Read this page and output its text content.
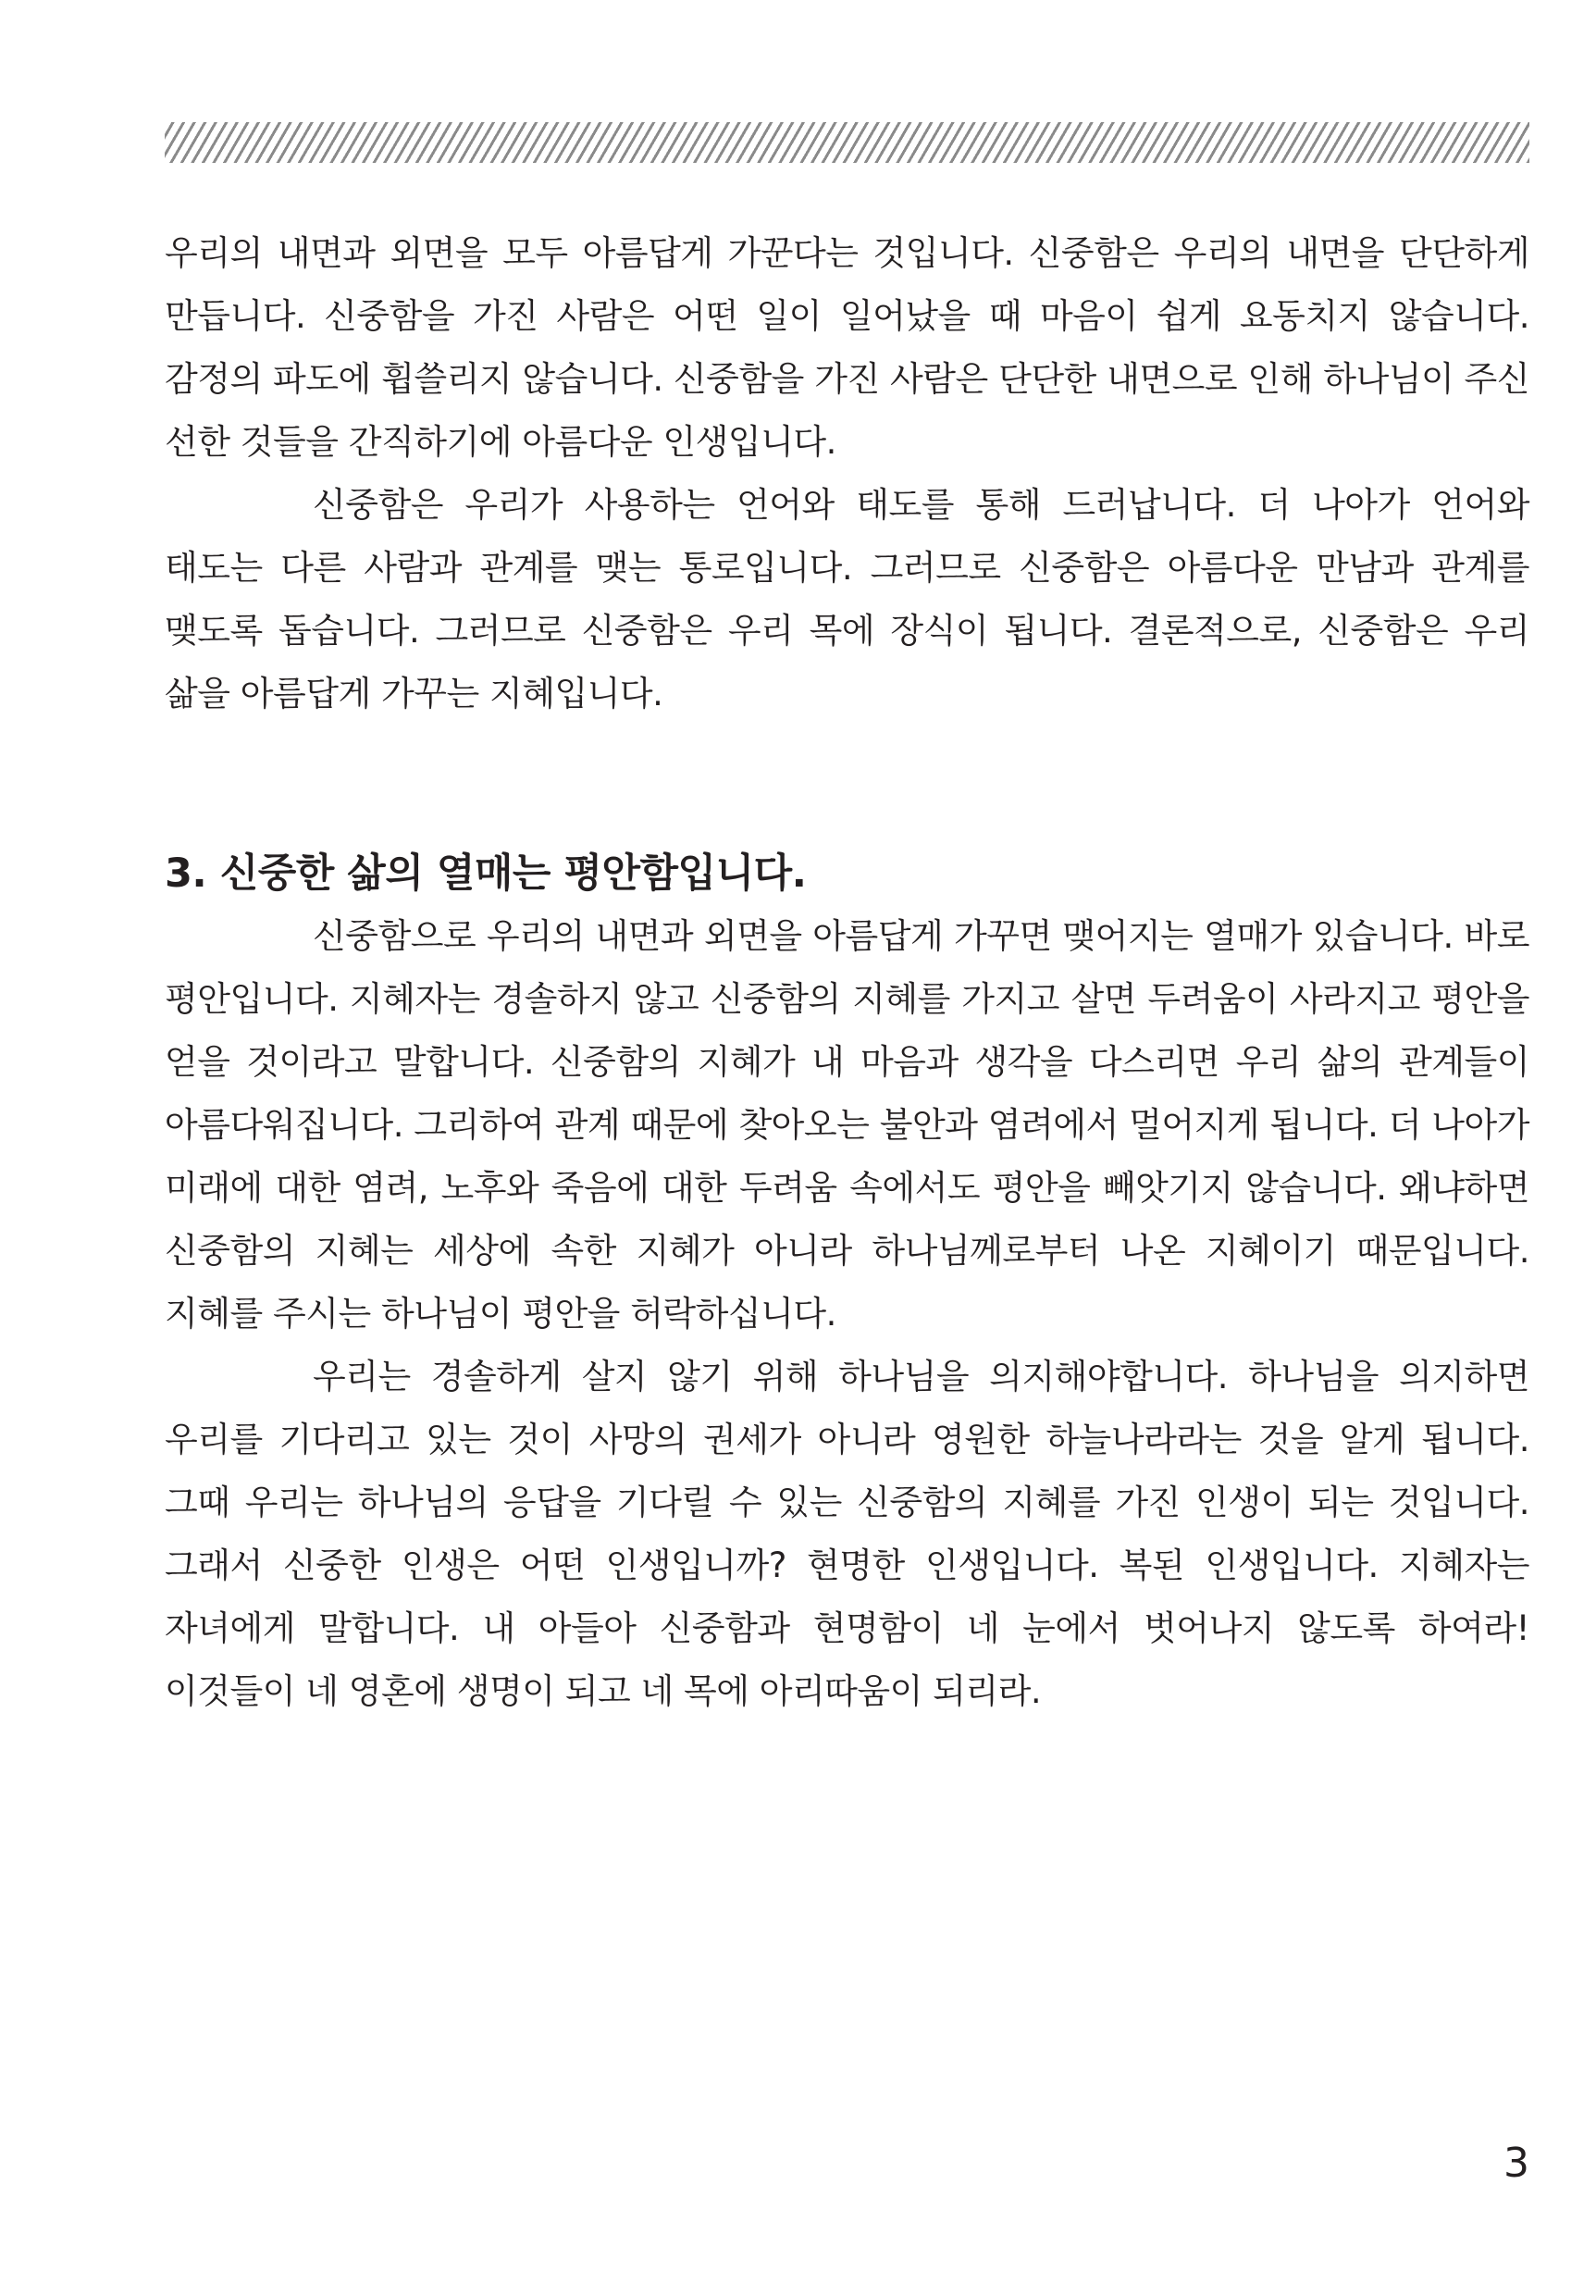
우리의 내면과 외면을 모두 아름답게 가꾼다는 것입니다. 신중함은 우리의 내면을 단단하게 만듭니다. 신중함을 가진 사람은 어떤 일이 일어났을 때 마음이 쉽게 요동치지 않습니다. 감정의 파도에 휩쓸리지 않습니다. 신중함을 가진 사람은 단단한 내면으로 인해 하나님이 주신 선한 것들을 간직하기에 아름다운 인생입니다.

신중함은 우리가 사용하는 언어와 태도를 통해 드러납니다. 더 나아가 언어와 태도는 다른 사람과 관계를 맺는 통로입니다. 그러므로 신중함은 아름다운 만남과 관계를 맺도록 돕습니다. 그러므로 신중함은 우리 목에 장식이 됩니다. 결론적으로, 신중함은 우리 삶을 아름답게 가꾸는 지혜입니다.

3. 신중한 삶의 열매는 평안함입니다.

신중함으로 우리의 내면과 외면을 아름답게 가꾸면 맺어지는 열매가 있습니다. 바로 평안입니다. 지혜자는 경솔하지 않고 신중함의 지혜를 가지고 살면 두려움이 사라지고 평안을 얻을 것이라고 말합니다. 신중함의 지혜가 내 마음과 생각을 다스리면 우리 삶의 관계들이 아름다워집니다. 그리하여 관계 때문에 찾아오는 불안과 염려에서 멀어지게 됩니다. 더 나아가 미래에 대한 염려, 노후와 죽음에 대한 두려움 속에서도 평안을 빼앗기지 않습니다. 왜냐하면 신중함의 지혜는 세상에 속한 지혜가 아니라 하나님께로부터 나온 지혜이기 때문입니다. 지혜를 주시는 하나님이 평안을 허락하십니다.

우리는 경솔하게 살지 않기 위해 하나님을 의지해야합니다. 하나님을 의지하면 우리를 기다리고 있는 것이 사망의 권세가 아니라 영원한 하늘나라라는 것을 알게 됩니다. 그때 우리는 하나님의 응답을 기다릴 수 있는 신중함의 지혜를 가진 인생이 되는 것입니다. 그래서 신중한 인생은 어떤 인생입니까? 현명한 인생입니다. 복된 인생입니다. 지혜자는 자녀에게 말합니다. 내 아들아 신중함과 현명함이 네 눈에서 벗어나지 않도록 하여라! 이것들이 네 영혼에 생명이 되고 네 목에 아리따움이 되리라.

3
